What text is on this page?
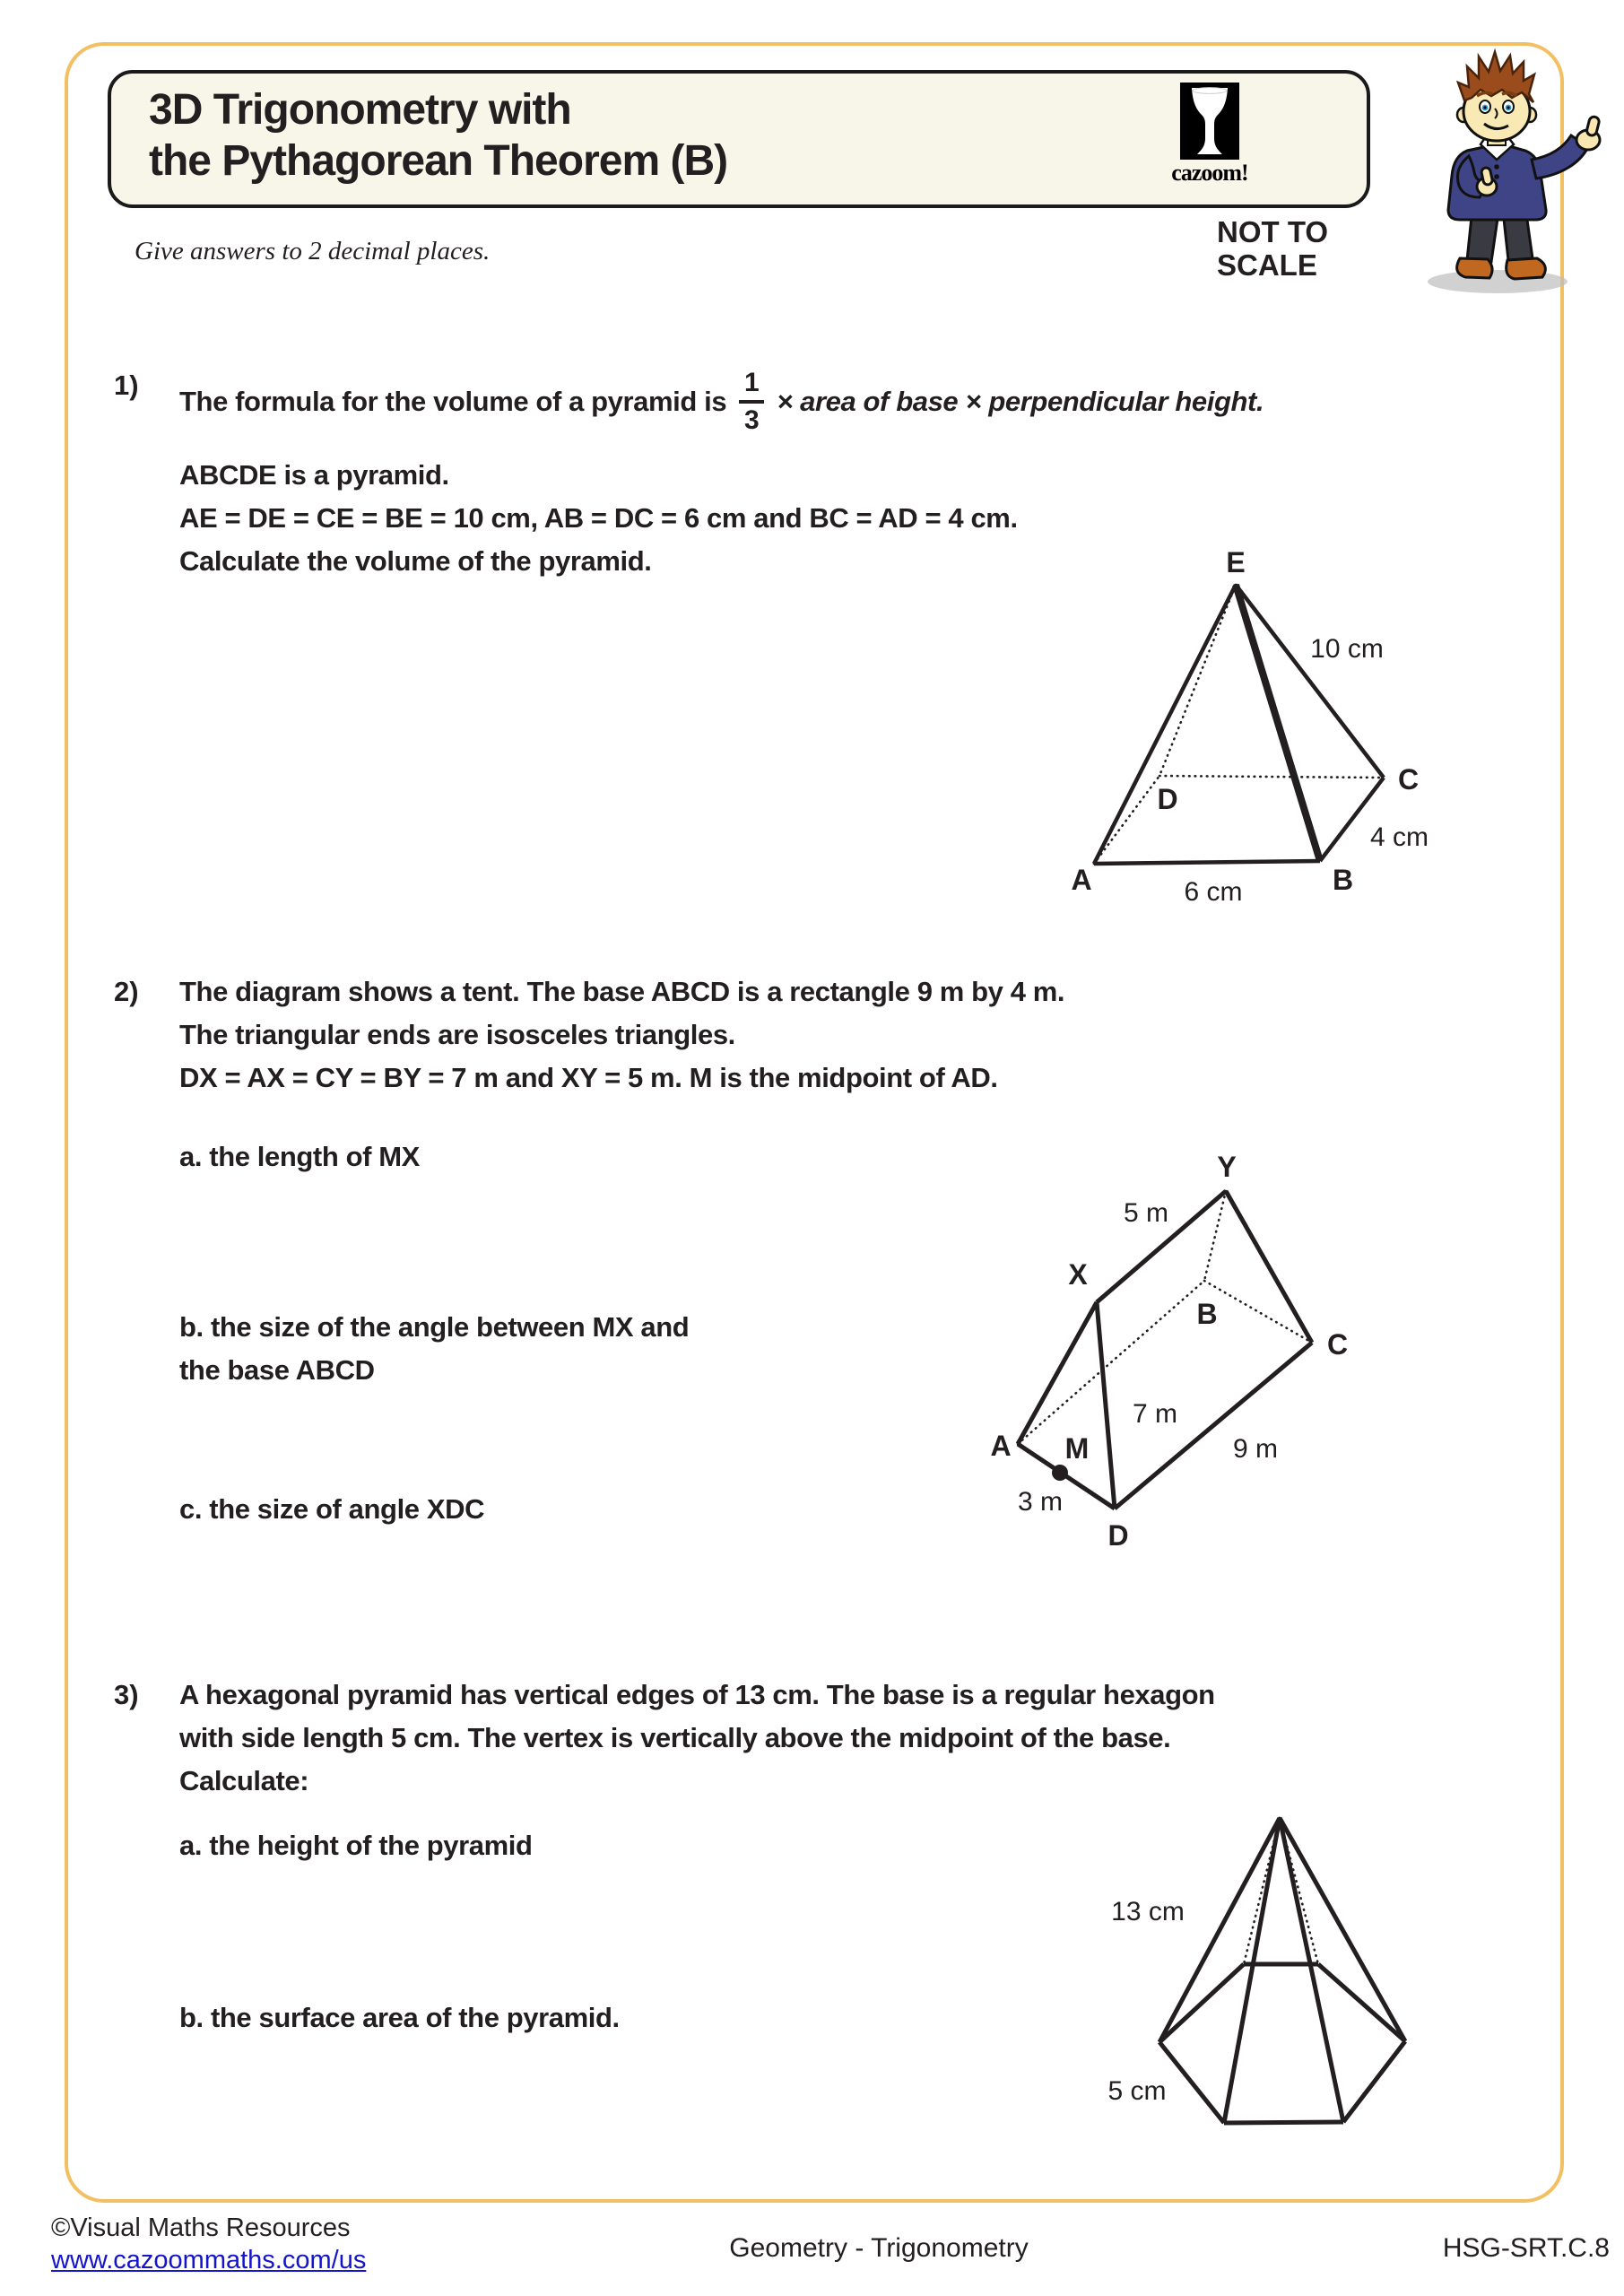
3D Trigonometry with
the Pythagorean Theorem (B)	cazoom!
NOT TO
SCALE
Give answers to 2 decimal places.
1)
The formula for the volume of a pyramid is $\frac{1}{3}$ × area of base × perpendicular height.
ABCDE is a pyramid.
AE = DE = CE = BE = 10 cm, AB = DC = 6 cm and BC = AD = 4 cm.
Calculate the volume of the pyramid.	E
10 cm
C
4 cm
B
6 cm
A
D
2) The diagram shows a tent. The base ABCD is a rectangle 9 m by 4 m.
The triangular ends are isosceles triangles.
DX = AX = CY = BY = 7 m and XY = 5 m. M is the midpoint of AD.
a. the length of MX
b. the size of the angle between MX and
the base ABCD
c. the size of angle XDC
Y
5 m
X
B
C
A M
7 m
9 m
3 m
D
3) A hexagonal pyramid has vertical edges of 13 cm. The base is a regular hexagon
with side length 5 cm. The vertex is vertically above the midpoint of the base.
Calculate:
a. the height of the pyramid
b. the surface area of the pyramid.
13 cm
5 cm
©Visual Maths Resources
www.cazoommaths.com/us	Geometry - Trigonometry	HSG-SRT.C.8
